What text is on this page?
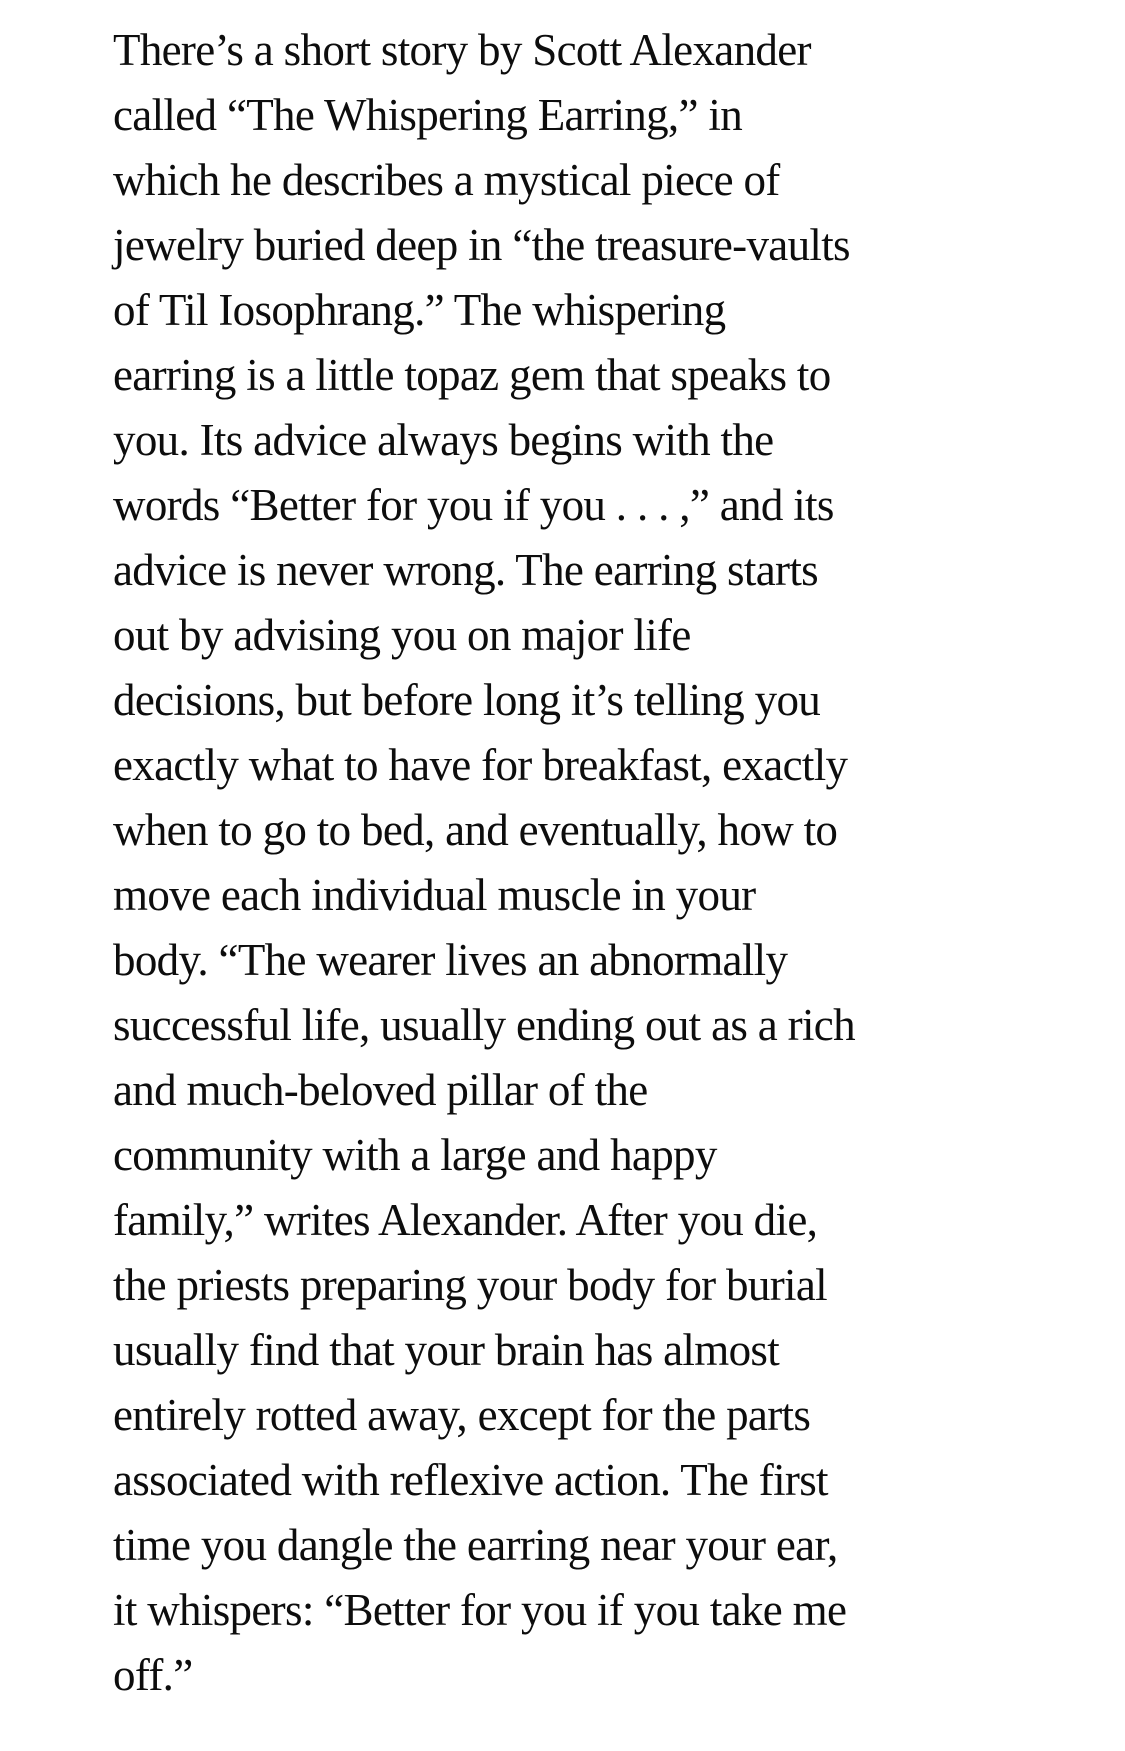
There’s a short story by Scott Alexander
called “The Whispering Earring,” in
which he describes a mystical piece of
jewelry buried deep in “the treasure-vaults
of Til Iosophrang.” The whispering
earring is a little topaz gem that speaks to
you. Its advice always begins with the
words “Better for you if you . . . ,” and its
advice is never wrong. The earring starts
out by advising you on major life
decisions, but before long it’s telling you
exactly what to have for breakfast, exactly
when to go to bed, and eventually, how to
move each individual muscle in your
body. “The wearer lives an abnormally
successful life, usually ending out as a rich
and much-beloved pillar of the
community with a large and happy
family,” writes Alexander. After you die,
the priests preparing your body for burial
usually find that your brain has almost
entirely rotted away, except for the parts
associated with reflexive action. The first
time you dangle the earring near your ear,
it whispers: “Better for you if you take me
off.”
